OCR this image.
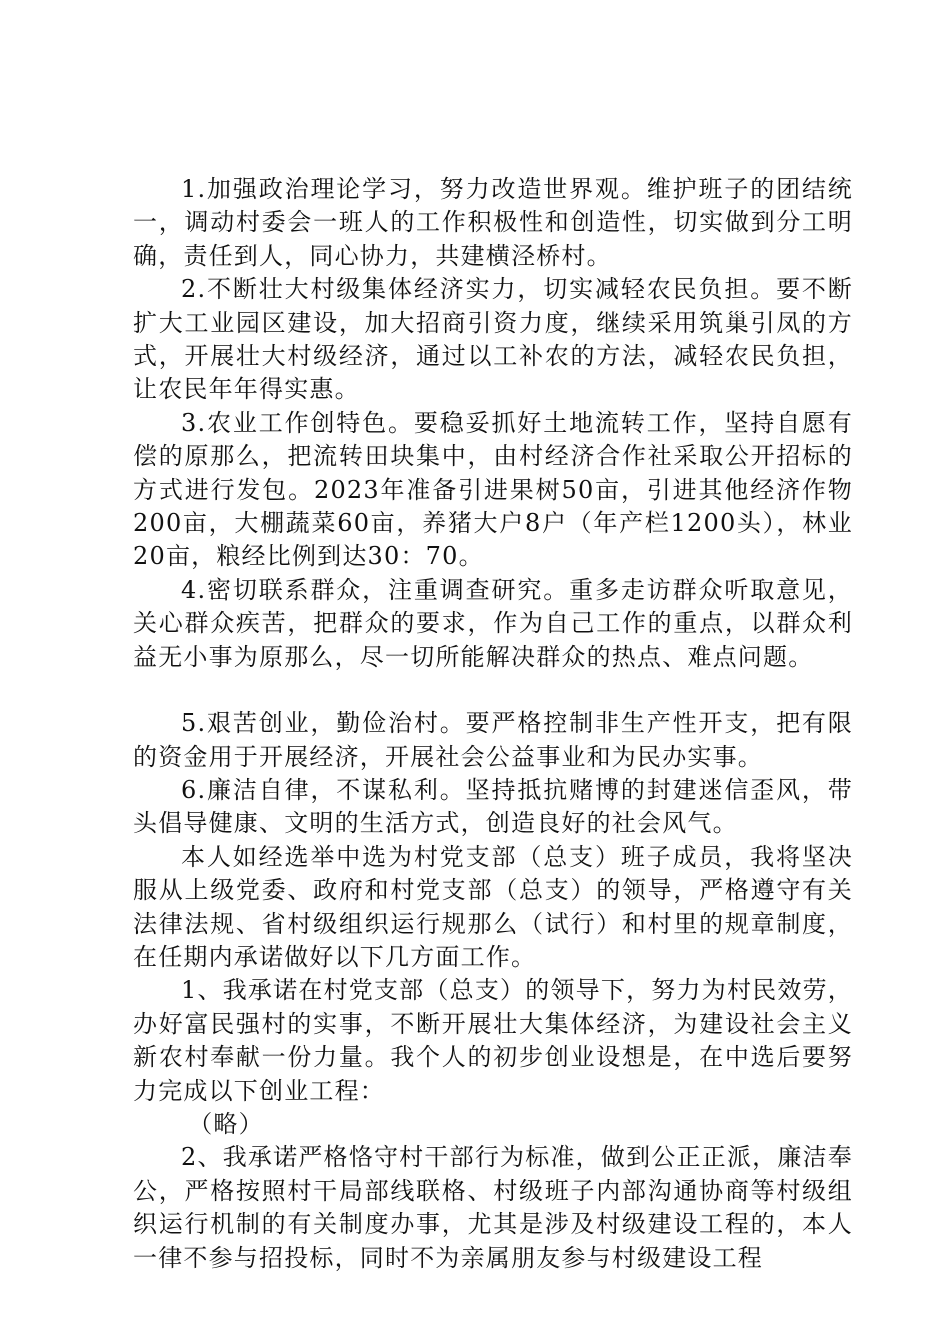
1.加强政治理论学习，努力改造世界观。维护班子的团结统一，调动村委会一班人的工作积极性和创造性，切实做到分工明确，责任到人，同心协力，共建横泾桥村。

2.不断壮大村级集体经济实力，切实减轻农民负担。要不断扩大工业园区建设，加大招商引资力度，继续采用筑巢引凤的方式，开展壮大村级经济，通过以工补农的方法，减轻农民负担，让农民年年得实惠。

3.农业工作创特色。要稳妥抓好土地流转工作，坚持自愿有偿的原那么，把流转田块集中，由村经济合作社采取公开招标的方式进行发包。2023年准备引进果树50亩，引进其他经济作物200亩，大棚蔬菜60亩，养猪大户8户（年产栏1200头），林业20亩，粮经比例到达30：70。

4.密切联系群众，注重调查研究。重多走访群众听取意见，关心群众疾苦，把群众的要求，作为自己工作的重点，以群众利益无小事为原那么，尽一切所能解决群众的热点、难点问题。

5.艰苦创业，勤俭治村。要严格控制非生产性开支，把有限的资金用于开展经济，开展社会公益事业和为民办实事。

6.廉洁自律，不谋私利。坚持抵抗赌博的封建迷信歪风，带头倡导健康、文明的生活方式，创造良好的社会风气。

本人如经选举中选为村党支部（总支）班子成员，我将坚决服从上级党委、政府和村党支部（总支）的领导，严格遵守有关法律法规、省村级组织运行规那么（试行）和村里的规章制度，在任期内承诺做好以下几方面工作。

1、我承诺在村党支部（总支）的领导下，努力为村民效劳，办好富民强村的实事，不断开展壮大集体经济，为建设社会主义新农村奉献一份力量。我个人的初步创业设想是，在中选后要努力完成以下创业工程：

（略）

2、我承诺严格恪守村干部行为标准，做到公正正派，廉洁奉公，严格按照村干局部线联格、村级班子内部沟通协商等村级组织运行机制的有关制度办事，尤其是涉及村级建设工程的，本人一律不参与招投标，同时不为亲属朋友参与村级建设工程
